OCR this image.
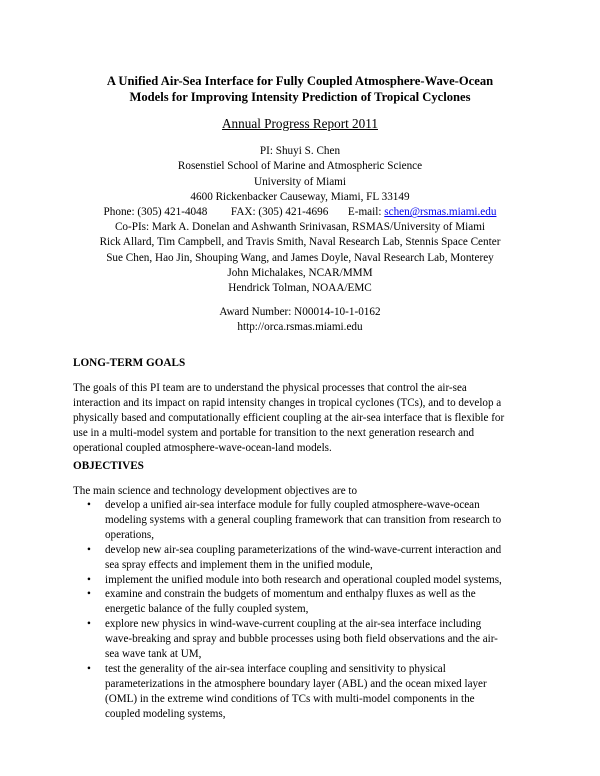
A Unified Air-Sea Interface for Fully Coupled Atmosphere-Wave-Ocean
Models for Improving Intensity Prediction of Tropical Cyclones
Annual Progress Report 2011
PI: Shuyi S. Chen
Rosenstiel School of Marine and Atmospheric Science
University of Miami
4600 Rickenbacker Causeway, Miami, FL 33149
Phone: (305) 421-4048 FAX: (305) 421-4696 E-mail: schen@rsmas.miami.edu
Co-PIs: Mark A. Donelan and Ashwanth Srinivasan, RSMAS/University of Miami
Rick Allard, Tim Campbell, and Travis Smith, Naval Research Lab, Stennis Space Center
Sue Chen, Hao Jin, Shouping Wang, and James Doyle, Naval Research Lab, Monterey
John Michalakes, NCAR/MMM
Hendrick Tolman, NOAA/EMC
Award Number: N00014-10-1-0162
http://orca.rsmas.miami.edu
LONG-TERM GOALS
The goals of this PI team are to understand the physical processes that control the air-sea
interaction and its impact on rapid intensity changes in tropical cyclones (TCs), and to develop a
physically based and computationally efficient coupling at the air-sea interface that is flexible for
use in a multi-model system and portable for transition to the next generation research and
operational coupled atmosphere-wave-ocean-land models.
OBJECTIVES
The main science and technology development objectives are to
•	develop a unified air-sea interface module for fully coupled atmosphere-wave-ocean
modeling systems with a general coupling framework that can transition from research to
operations,
•	develop new air-sea coupling parameterizations of the wind-wave-current interaction and
sea spray effects and implement them in the unified module,
•	implement the unified module into both research and operational coupled model systems,
•	examine and constrain the budgets of momentum and enthalpy fluxes as well as the
energetic balance of the fully coupled system,
•	explore new physics in wind-wave-current coupling at the air-sea interface including
wave-breaking and spray and bubble processes using both field observations and the air-
sea wave tank at UM,
•	test the generality of the air-sea interface coupling and sensitivity to physical
parameterizations in the atmosphere boundary layer (ABL) and the ocean mixed layer
(OML) in the extreme wind conditions of TCs with multi-model components in the
coupled modeling systems,
